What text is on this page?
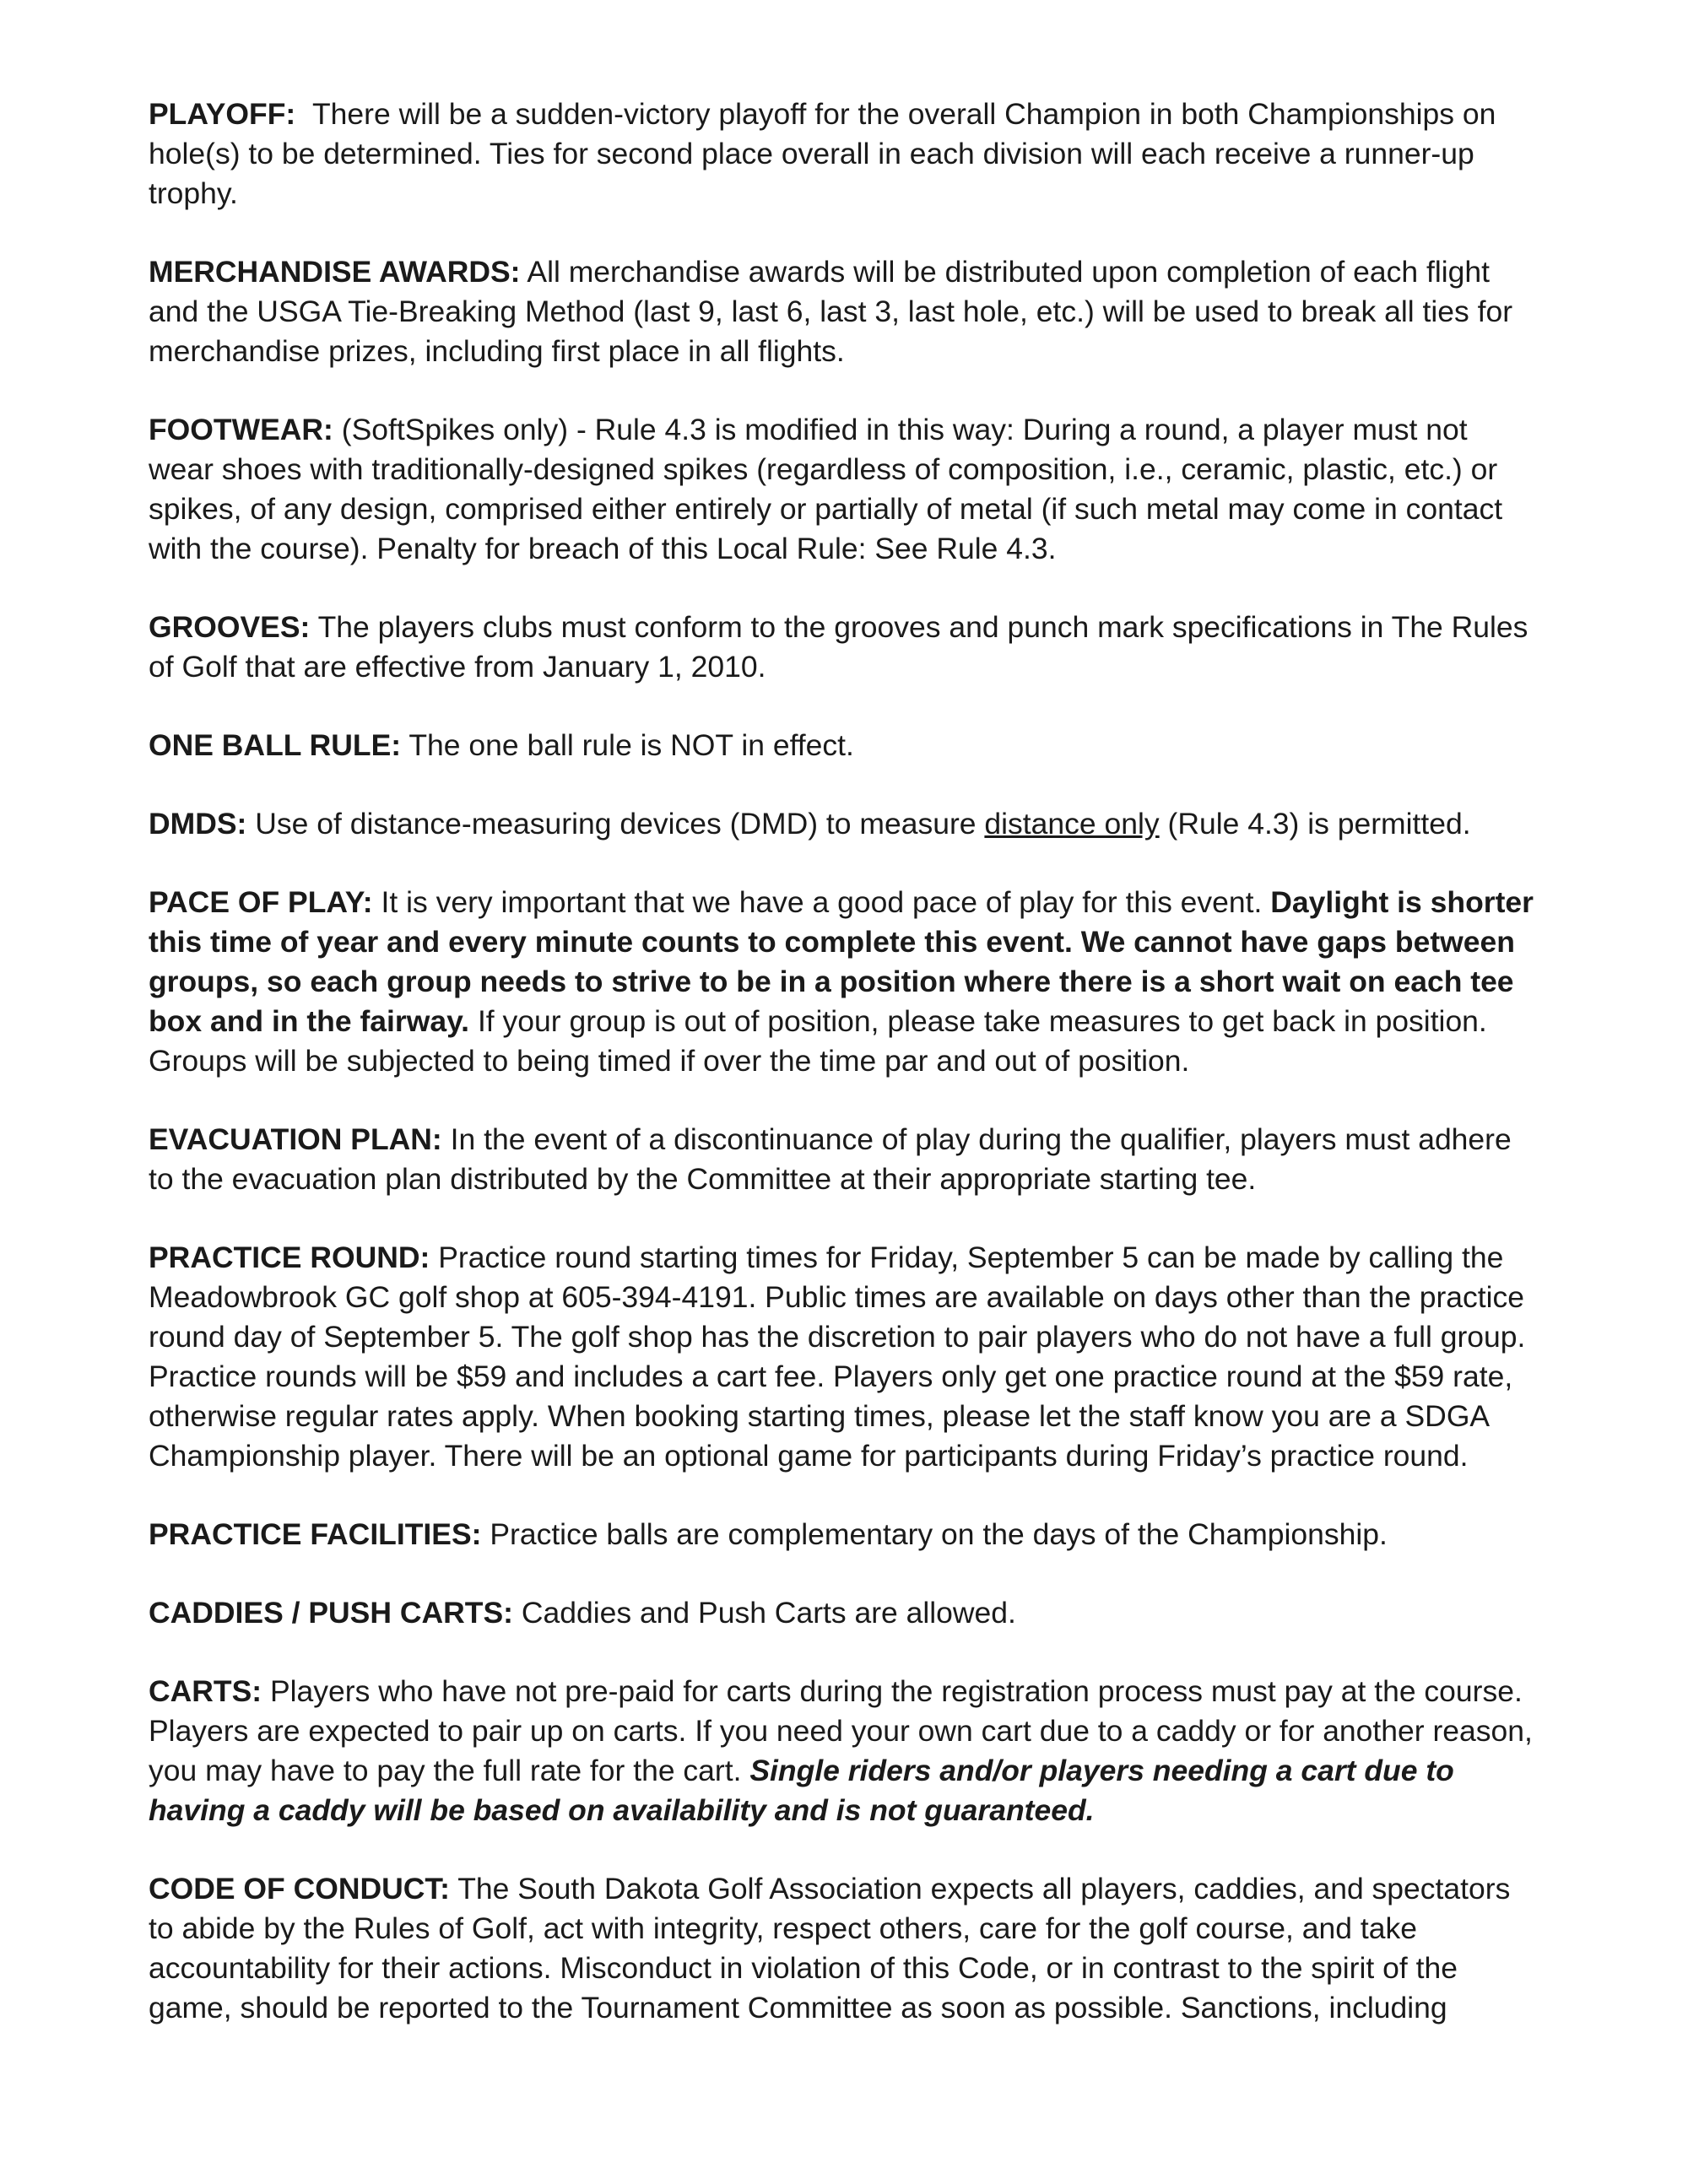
PLAYOFF: There will be a sudden-victory playoff for the overall Champion in both Championships on hole(s) to be determined. Ties for second place overall in each division will each receive a runner-up trophy.

MERCHANDISE AWARDS: All merchandise awards will be distributed upon completion of each flight and the USGA Tie-Breaking Method (last 9, last 6, last 3, last hole, etc.) will be used to break all ties for merchandise prizes, including first place in all flights.

FOOTWEAR: (SoftSpikes only) - Rule 4.3 is modified in this way: During a round, a player must not wear shoes with traditionally-designed spikes (regardless of composition, i.e., ceramic, plastic, etc.) or spikes, of any design, comprised either entirely or partially of metal (if such metal may come in contact with the course). Penalty for breach of this Local Rule: See Rule 4.3.

GROOVES: The players clubs must conform to the grooves and punch mark specifications in The Rules of Golf that are effective from January 1, 2010.

ONE BALL RULE: The one ball rule is NOT in effect.

DMDS: Use of distance-measuring devices (DMD) to measure distance only (Rule 4.3) is permitted.

PACE OF PLAY: It is very important that we have a good pace of play for this event. Daylight is shorter this time of year and every minute counts to complete this event. We cannot have gaps between groups, so each group needs to strive to be in a position where there is a short wait on each tee box and in the fairway. If your group is out of position, please take measures to get back in position. Groups will be subjected to being timed if over the time par and out of position.

EVACUATION PLAN: In the event of a discontinuance of play during the qualifier, players must adhere to the evacuation plan distributed by the Committee at their appropriate starting tee.

PRACTICE ROUND: Practice round starting times for Friday, September 5 can be made by calling the Meadowbrook GC golf shop at 605-394-4191. Public times are available on days other than the practice round day of September 5. The golf shop has the discretion to pair players who do not have a full group. Practice rounds will be $59 and includes a cart fee. Players only get one practice round at the $59 rate, otherwise regular rates apply. When booking starting times, please let the staff know you are a SDGA Championship player. There will be an optional game for participants during Friday’s practice round.

PRACTICE FACILITIES: Practice balls are complementary on the days of the Championship.

CADDIES / PUSH CARTS: Caddies and Push Carts are allowed.

CARTS: Players who have not pre-paid for carts during the registration process must pay at the course. Players are expected to pair up on carts. If you need your own cart due to a caddy or for another reason, you may have to pay the full rate for the cart. Single riders and/or players needing a cart due to having a caddy will be based on availability and is not guaranteed.

CODE OF CONDUCT: The South Dakota Golf Association expects all players, caddies, and spectators to abide by the Rules of Golf, act with integrity, respect others, care for the golf course, and take accountability for their actions. Misconduct in violation of this Code, or in contrast to the spirit of the game, should be reported to the Tournament Committee as soon as possible. Sanctions, including
